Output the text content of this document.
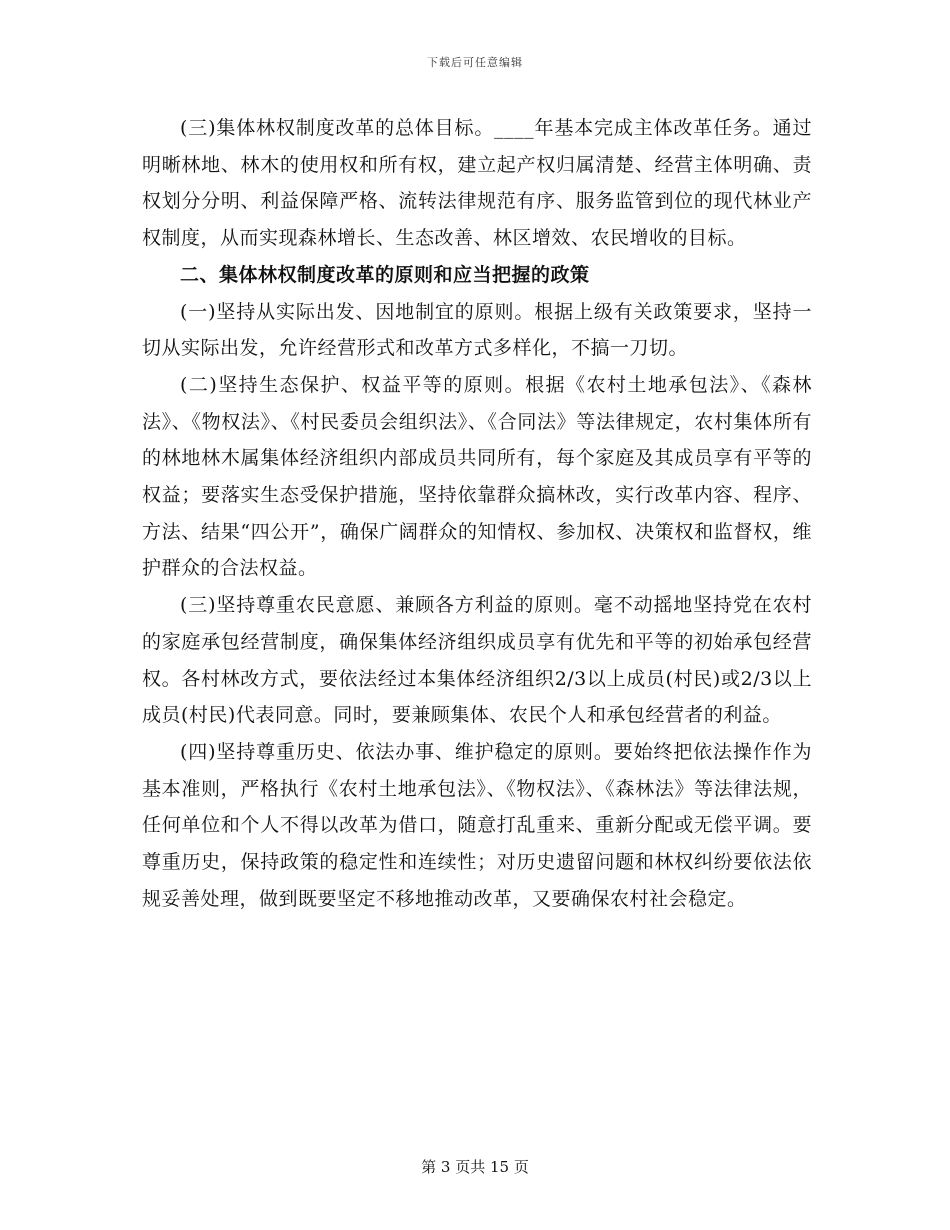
下载后可任意编辑

(三)集体林权制度改革的总体目标。____年基本完成主体改革任务。通过明晰林地、林木的使用权和所有权，建立起产权归属清楚、经营主体明确、责权划分分明、利益保障严格、流转法律规范有序、服务监管到位的现代林业产权制度，从而实现森林增长、生态改善、林区增效、农民增收的目标。

二、集体林权制度改革的原则和应当把握的政策

(一)坚持从实际出发、因地制宜的原则。根据上级有关政策要求，坚持一切从实际出发，允许经营形式和改革方式多样化，不搞一刀切。

(二)坚持生态保护、权益平等的原则。根据《农村土地承包法》、《森林法》、《物权法》、《村民委员会组织法》、《合同法》等法律规定，农村集体所有的林地林木属集体经济组织内部成员共同所有，每个家庭及其成员享有平等的权益；要落实生态受保护措施，坚持依靠群众搞林改，实行改革内容、程序、方法、结果“四公开”，确保广阔群众的知情权、参加权、决策权和监督权，维护群众的合法权益。

(三)坚持尊重农民意愿、兼顾各方利益的原则。毫不动摇地坚持党在农村的家庭承包经营制度，确保集体经济组织成员享有优先和平等的初始承包经营权。各村林改方式，要依法经过本集体经济组织2/3以上成员(村民)或2/3以上成员(村民)代表同意。同时，要兼顾集体、农民个人和承包经营者的利益。

(四)坚持尊重历史、依法办事、维护稳定的原则。要始终把依法操作作为基本准则，严格执行《农村土地承包法》、《物权法》、《森林法》等法律法规，任何单位和个人不得以改革为借口，随意打乱重来、重新分配或无偿平调。要尊重历史，保持政策的稳定性和连续性；对历史遗留问题和林权纠纷要依法依规妥善处理，做到既要坚定不移地推动改革，又要确保农村社会稳定。

第 3 页共 15 页
